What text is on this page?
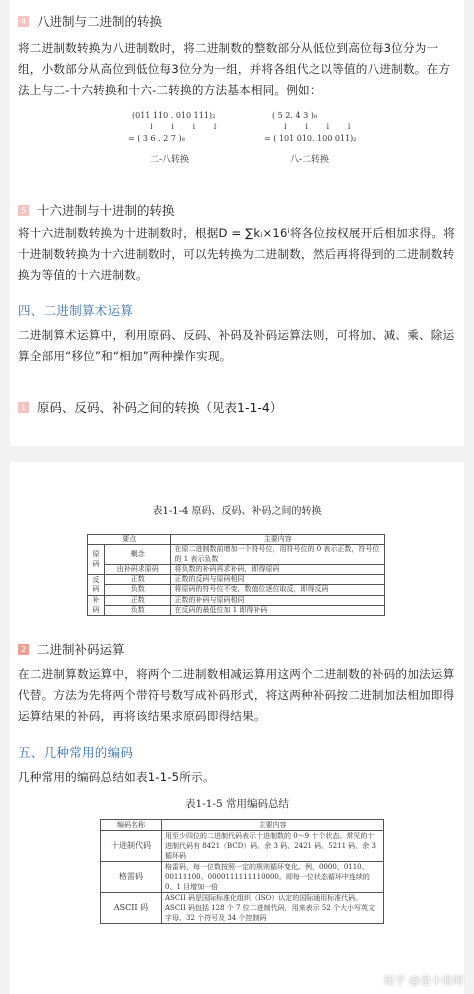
4 八进制与二进制的转换
将二进制数转换为八进制数时，将二进制数的整数部分从低位到高位每3位分为一组，小数部分从高位到低位每3位分为一组，并将各组代之以等值的八进制数。在方法上与二-十六转换和十六-二转换的方法基本相同。例如：
(011 110 . 010 111)₂
↓ ↓ ↓ ↓
= ( 3 6 . 2 7 )₈
二-八转换
( 5 2. 4 3 )₈
↓ ↓ ↓ ↓
= ( 101 010. 100 011)₂
八-二转换
5 十六进制与十进制的转换
将十六进制数转换为十进制数时，根据D = ∑kᵢ×16ⁱ将各位按权展开后相加求得。将十进制数转换为十六进制数时，可以先转换为二进制数，然后再将得到的二进制数转换为等值的十六进制数。
四、二进制算术运算
二进制算术运算中，利用原码、反码、补码及补码运算法则，可将加、减、乘、除运算全部用“移位”和“相加”两种操作实现。
1 原码、反码、补码之间的转换（见表1-1-4）
表1-1-4 原码、反码、补码之间的转换
要点		主要内容
原码	概念	在原二进制数前增加一个符号位，用符号位的 0 表示正数，符号位的 1 表示负数
	由补码求原码	将负数的补码再求补码，即得原码
反码	正数	正数的反码与原码相同
	负数	将原码的符号位不变，数值位逐位取反，即得反码
补码	正数	正数的补码与原码相同
	负数	在反码的最低位加 1 即得补码
2 二进制补码运算
在二进制算数运算中，将两个二进制数相减运算用这两个二进制数的补码的加法运算代替。方法为先将两个带符号数写成补码形式，将这两种补码按二进制加法相加即得运算结果的补码，再将该结果求原码即得结果。
五、几种常用的编码
几种常用的编码总结如表1-1-5所示。
表1-1-5 常用编码总结
编码名称	主要内容
十进制代码	用至少四位的二进制代码表示十进制数的 0～9 十个状态。常见的十进制代码有 8421（BCD）码、余 3 码、2421 码、5211 码、余 3 循环码
格雷码	格雷码，每一位数按照一定的规则循环变化。例，0000、0110、00111100、0000111111110000。即每一位状态循环中连续的 0、1 目增加一倍
ASCII 码	ASCII 码是国际标准化组织（ISO）认定的国际通用标准代码。ASCII 码包括 128 个 7 位二进制代码，用来表示 52 个大小写英文字母、32 个符号及 34 个控制码
知乎 @是小张呀
